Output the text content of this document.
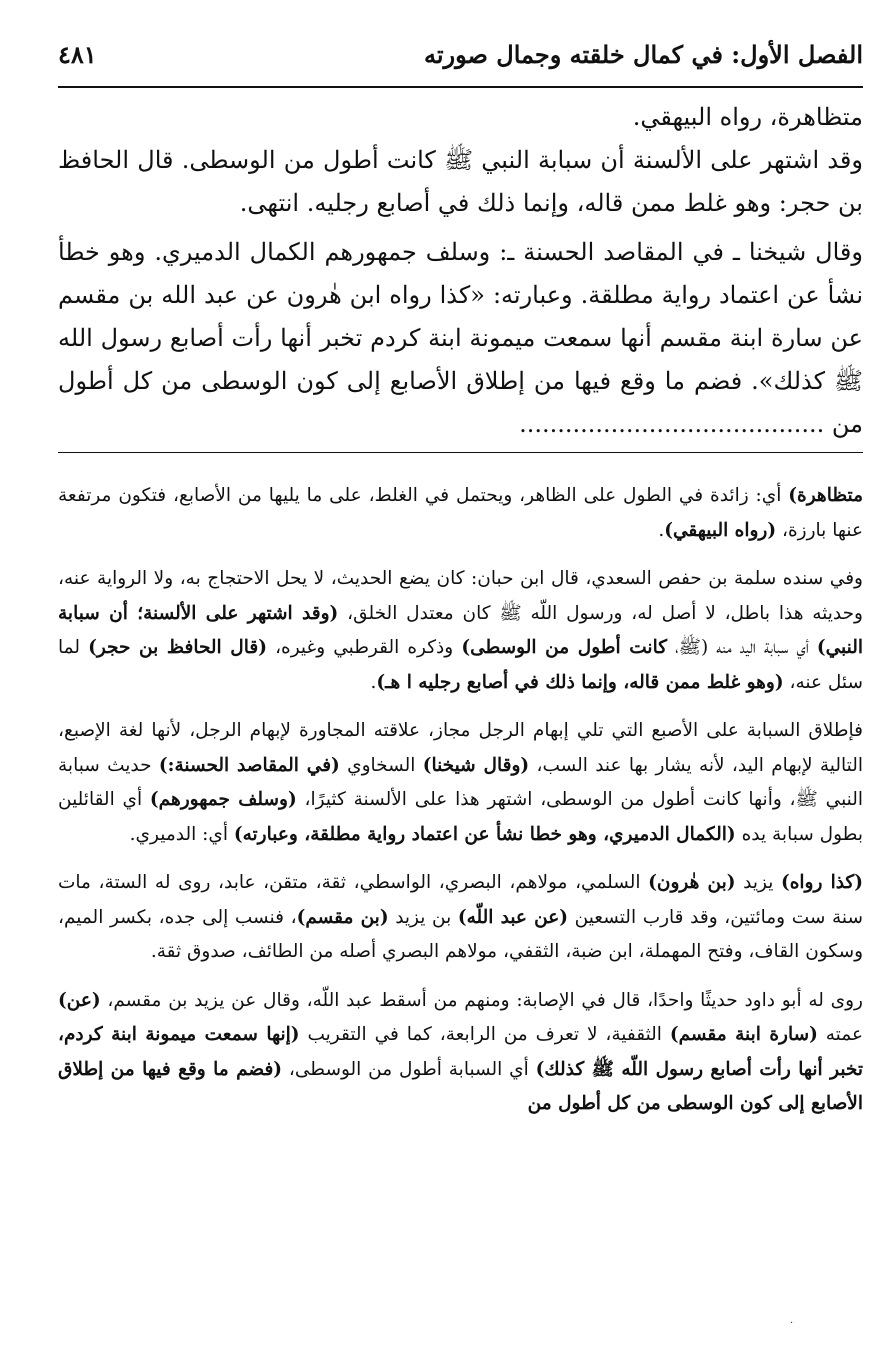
الفصل الأول: في كمال خلقته وجمال صورته
٤٨١

متظاهرة، رواه البيهقي.

وقد اشتهر على الألسنة أن سبابة النبي ﷺ كانت أطول من الوسطى. قال الحافظ بن حجر: وهو غلط ممن قاله، وإنما ذلك في أصابع رجليه. انتهى.

وقال شيخنا ـ في المقاصد الحسنة ـ: وسلف جمهورهم الكمال الدميري. وهو خطأ نشأ عن اعتماد رواية مطلقة. وعبارته: «كذا رواه ابن هٰرون عن عبد الله بن مقسم عن سارة ابنة مقسم أنها سمعت ميمونة ابنة كردم تخبر أنها رأت أصابع رسول الله ﷺ كذلك». فضم ما وقع فيها من إطلاق الأصابع إلى كون الوسطى من كل أطول من ........................................

متظاهرة) أي: زائدة في الطول على الظاهر، ويحتمل في الغلط، على ما يليها من الأصابع، فتكون مرتفعة عنها بارزة، (رواه البيهقي).

وفي سنده سلمة بن حفص السعدي، قال ابن حبان: كان يضع الحديث، لا يحل الاحتجاج به، ولا الرواية عنه، وحديثه هذا باطل، لا أصل له، ورسول اللّه ﷺ كان معتدل الخلق، (وقد اشتهر على الألسنة؛ أن سبابة النبي) أي سبابة اليد منه (ﷺ، كانت أطول من الوسطى) وذكره القرطبي وغيره، (قال الحافظ بن حجر) لما سئل عنه، (وهو غلط ممن قاله، وإنما ذلك في أصابع رجليه ا هـ).

فإطلاق السبابة على الأصبع التي تلي إبهام الرجل مجاز، علاقته المجاورة لإبهام الرجل، لأنها لغة الإصبع، التالية لإبهام اليد، لأنه يشار بها عند السب، (وقال شيخنا) السخاوي (في المقاصد الحسنة:) حديث سبابة النبي ﷺ، وأنها كانت أطول من الوسطى، اشتهر هذا على الألسنة كثيرًا، (وسلف جمهورهم) أي القائلين بطول سبابة يده (الكمال الدميري، وهو خطا نشأ عن اعتماد رواية مطلقة، وعبارته) أي: الدميري.

(كذا رواه) يزيد (بن هٰرون) السلمي، مولاهم، البصري، الواسطي، ثقة، متقن، عابد، روى له الستة، مات سنة ست ومائتين، وقد قارب التسعين (عن عبد اللّه) بن يزيد (بن مقسم)، فنسب إلى جده، بكسر الميم، وسكون القاف، وفتح المهملة، ابن ضبة، الثقفي، مولاهم البصري أصله من الطائف، صدوق ثقة.

روى له أبو داود حديثًا واحدًا، قال في الإصابة: ومنهم من أسقط عبد اللّه، وقال عن يزيد بن مقسم، (عن) عمته (سارة ابنة مقسم) الثقفية، لا تعرف من الرابعة، كما في التقريب (إنها سمعت ميمونة ابنة كردم، تخبر أنها رأت أصابع رسول اللّه ﷺ كذلك) أي السبابة أطول من الوسطى، (فضم ما وقع فيها من إطلاق الأصابع إلى كون الوسطى من كل أطول من

·
